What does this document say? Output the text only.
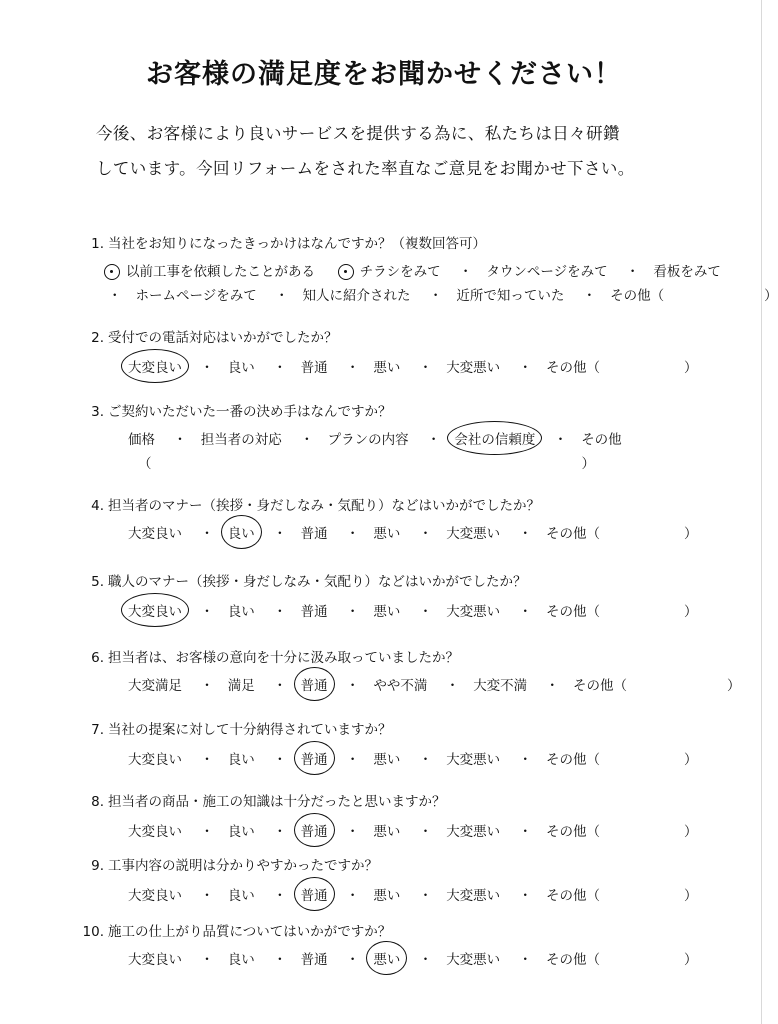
お客様の満足度をお聞かせください！
今後、お客様により良いサービスを提供する為に、私たちは日々研鑽
しています。今回リフォームをされた率直なご意見をお聞かせ下さい。
1. 当社をお知りになったきっかけはなんですか？（複数回答可）
以前工事を依頼したことがある	チラシをみて ・ タウンページをみて ・ 看板をみて
・ ホームページをみて ・ 知人に紹介された ・ 近所で知っていた ・ その他（	）
2. 受付での電話対応はいかがでしたか？
大変良い ・ 良い ・ 普通 ・ 悪い ・ 大変悪い ・ その他（	）
3. ご契約いただいた一番の決め手はなんですか？
価格 ・ 担当者の対応 ・ プランの内容 ・ 会社の信頼度 ・ その他
（	）
4. 担当者のマナー（挨拶・身だしなみ・気配り）などはいかがでしたか？
大変良い ・ 良い ・ 普通 ・ 悪い ・ 大変悪い ・ その他（	）
5. 職人のマナー（挨拶・身だしなみ・気配り）などはいかがでしたか？
大変良い ・ 良い ・ 普通 ・ 悪い ・ 大変悪い ・ その他（	）
6. 担当者は、お客様の意向を十分に汲み取っていましたか？
大変満足 ・ 満足 ・ 普通 ・ やや不満 ・ 大変不満 ・ その他（	）
7. 当社の提案に対して十分納得されていますか？
大変良い ・ 良い ・ 普通 ・ 悪い ・ 大変悪い ・ その他（	）
8. 担当者の商品・施工の知識は十分だったと思いますか？
大変良い ・ 良い ・ 普通 ・ 悪い ・ 大変悪い ・ その他（	）
9. 工事内容の説明は分かりやすかったですか？
大変良い ・ 良い ・ 普通 ・ 悪い ・ 大変悪い ・ その他（	）
10. 施工の仕上がり品質についてはいかがですか？
大変良い ・ 良い ・ 普通 ・ 悪い ・ 大変悪い ・ その他（	）
